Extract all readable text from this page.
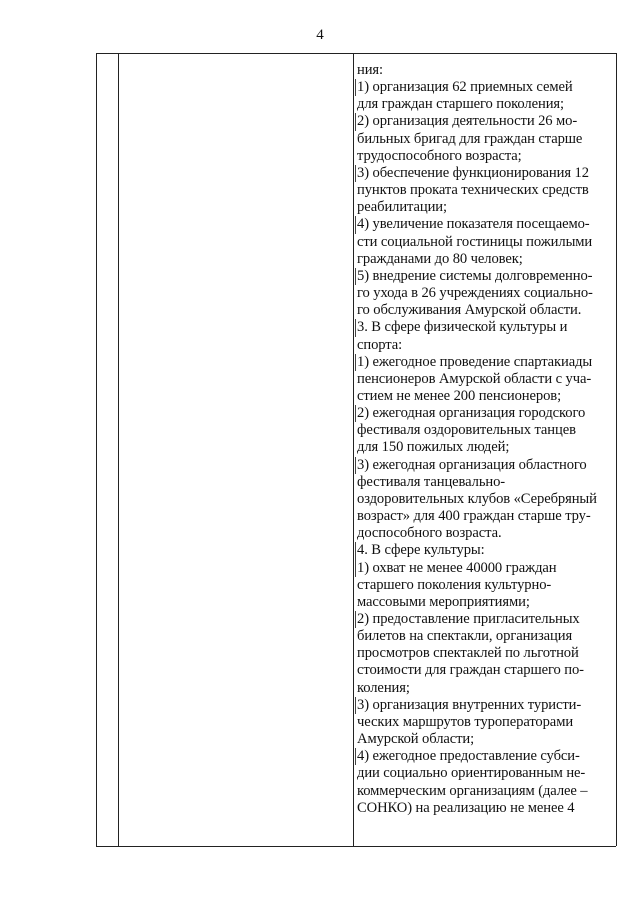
4
ния:
1) организация 62 приемных семей
для граждан старшего поколения;
2) организация деятельности 26 мо-
бильных бригад для граждан старше
трудоспособного возраста;
3) обеспечение функционирования 12
пунктов проката технических средств
реабилитации;
4) увеличение показателя посещаемо-
сти социальной гостиницы пожилыми
гражданами до 80 человек;
5) внедрение системы долговременно-
го ухода в 26 учреждениях социально-
го обслуживания Амурской области.
3. В сфере физической культуры и
спорта:
1) ежегодное проведение спартакиады
пенсионеров Амурской области с уча-
стием не менее 200 пенсионеров;
2) ежегодная организация городского
фестиваля оздоровительных танцев
для 150 пожилых людей;
3) ежегодная организация областного
фестиваля танцевально-
оздоровительных клубов «Серебряный
возраст» для 400 граждан старше тру-
доспособного возраста.
4. В сфере культуры:
1) охват не менее 40000 граждан
старшего поколения культурно-
массовыми мероприятиями;
2) предоставление пригласительных
билетов на спектакли, организация
просмотров спектаклей по льготной
стоимости для граждан старшего по-
коления;
3) организация внутренних туристи-
ческих маршрутов туроператорами
Амурской области;
4) ежегодное предоставление субси-
дии социально ориентированным не-
коммерческим организациям (далее –
СОНКО) на реализацию не менее 4
